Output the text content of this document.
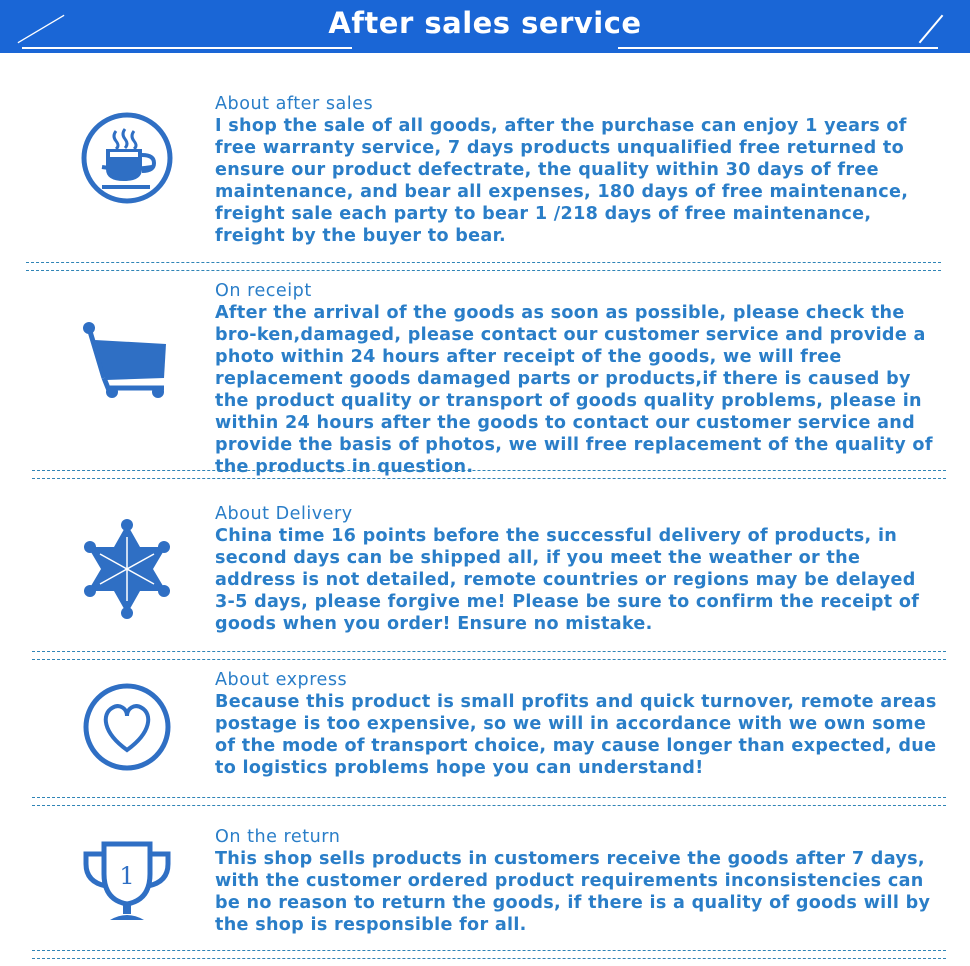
After sales service
About after sales
I shop the sale of all goods, after the purchase can enjoy 1 years of free warranty service, 7 days products unqualified free returned to ensure our product defectrate, the quality within 30 days of free maintenance, and bear all expenses, 180 days of free maintenance, freight sale each party to bear 1 /218 days of free maintenance, freight by the buyer to bear.
On receipt
After the arrival of the goods as soon as possible, please check the bro-ken,damaged, please contact our customer service and provide a photo within 24 hours after receipt of the goods, we will free replacement goods damaged parts or products,if there is caused by the product quality or transport of goods quality problems, please in within 24 hours after the goods to contact our customer service and provide the basis of photos, we will free replacement of the quality of the products in question.
About Delivery
China time 16 points before the successful delivery of products, in second days can be shipped all, if you meet the weather or the address is not detailed, remote countries or regions may be delayed 3-5 days, please forgive me! Please be sure to confirm the receipt of goods when you order! Ensure no mistake.
About express
Because this product is small profits and quick turnover, remote areas postage is too expensive, so we will in accordance with we own some of the mode of transport choice, may cause longer than expected, due to logistics problems hope you can understand!
1
On the return
This shop sells products in customers receive the goods after 7 days, with the customer ordered product requirements inconsistencies can be no reason to return the goods, if there is a quality of goods will by the shop is responsible for all.
